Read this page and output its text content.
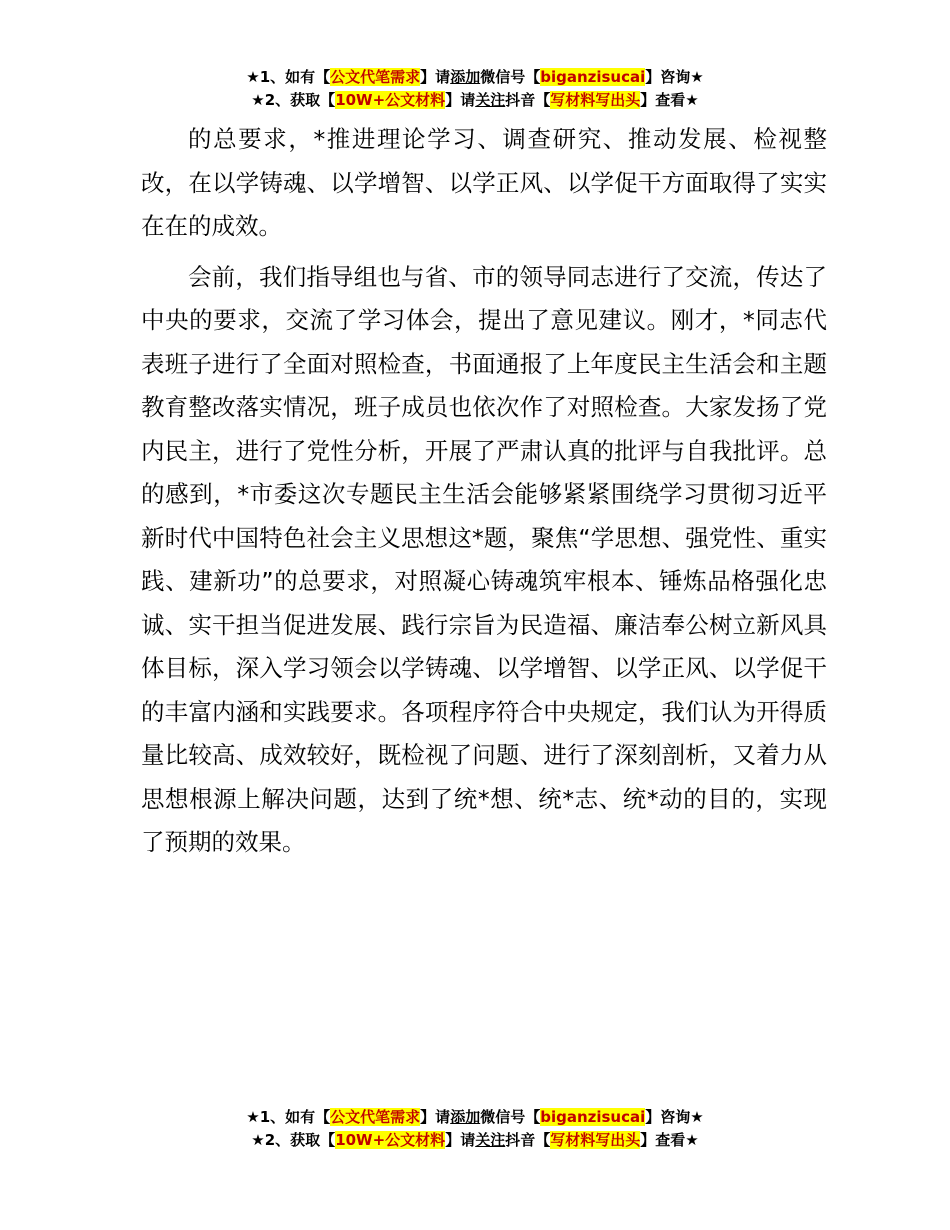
★1、如有【公文代笔需求】请添加微信号【biganzisucai】咨询★
★2、获取【10W+公文材料】请关注抖音【写材料写出头】查看★

的总要求，*推进理论学习、调查研究、推动发展、检视整改，在以学铸魂、以学增智、以学正风、以学促干方面取得了实实在在的成效。

会前，我们指导组也与省、市的领导同志进行了交流，传达了中央的要求，交流了学习体会，提出了意见建议。刚才，*同志代表班子进行了全面对照检查，书面通报了上年度民主生活会和主题教育整改落实情况，班子成员也依次作了对照检查。大家发扬了党内民主，进行了党性分析，开展了严肃认真的批评与自我批评。总的感到，*市委这次专题民主生活会能够紧紧围绕学习贯彻习近平新时代中国特色社会主义思想这*题，聚焦“学思想、强党性、重实践、建新功”的总要求，对照凝心铸魂筑牢根本、锤炼品格强化忠诚、实干担当促进发展、践行宗旨为民造福、廉洁奉公树立新风具体目标，深入学习领会以学铸魂、以学增智、以学正风、以学促干的丰富内涵和实践要求。各项程序符合中央规定，我们认为开得质量比较高、成效较好，既检视了问题、进行了深刻剖析，又着力从思想根源上解决问题，达到了统*想、统*志、统*动的目的，实现了预期的效果。

★1、如有【公文代笔需求】请添加微信号【biganzisucai】咨询★
★2、获取【10W+公文材料】请关注抖音【写材料写出头】查看★
